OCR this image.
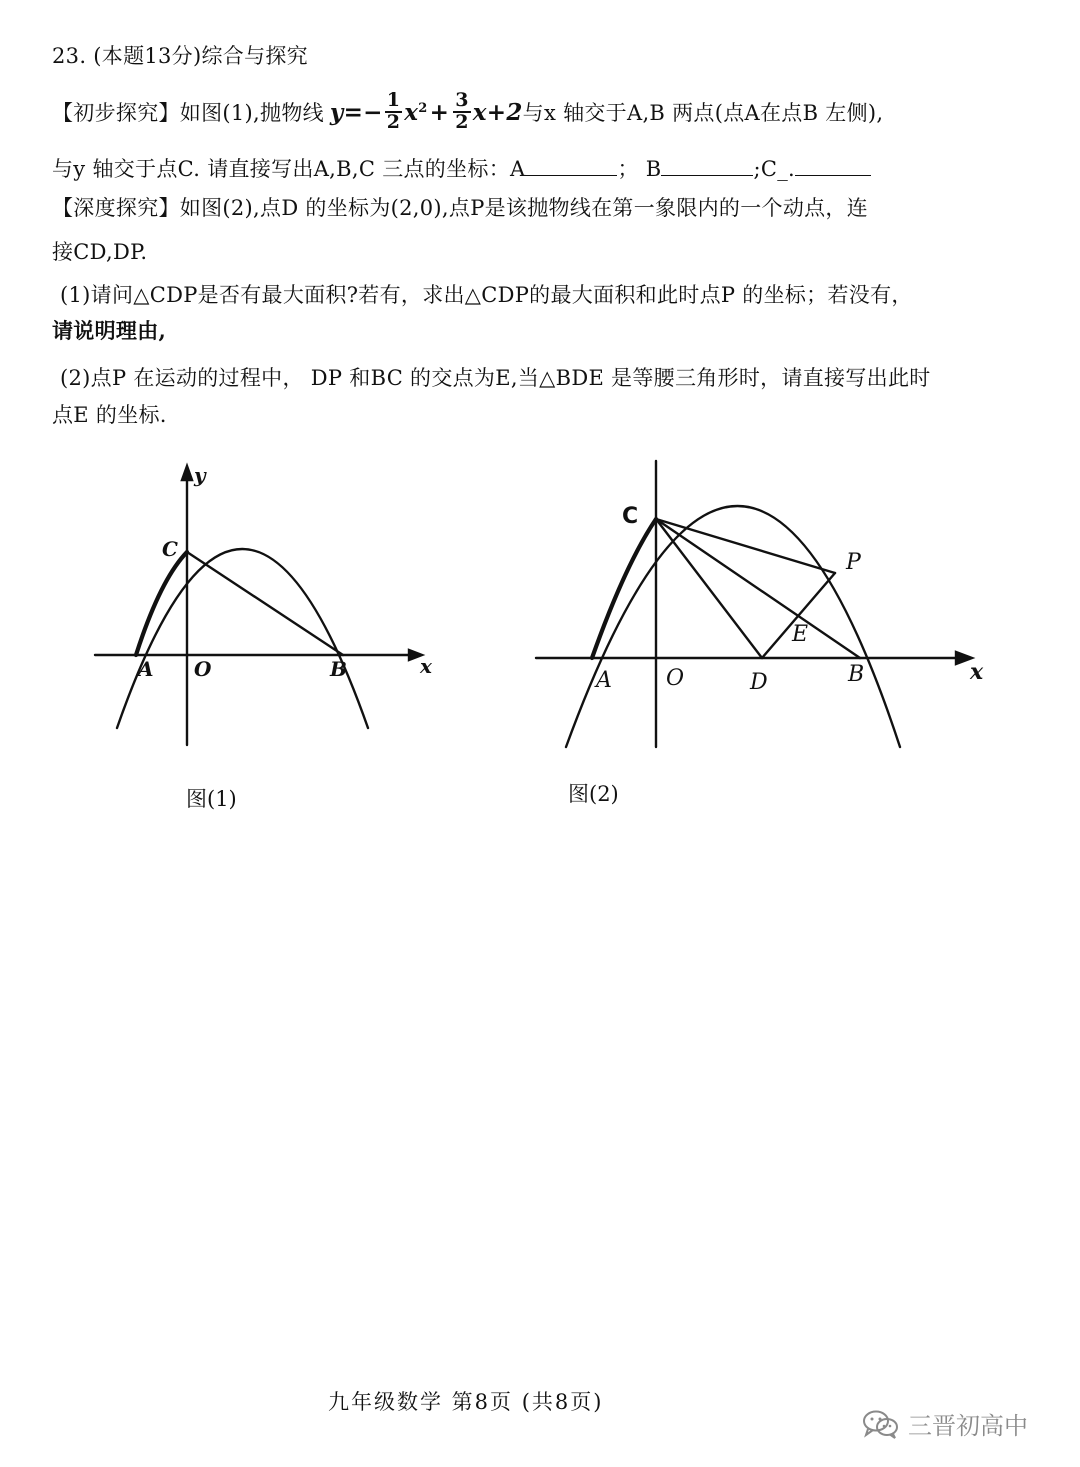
23. (本题13分)综合与探究
【初步探究】如图(1),抛物线 $y =- \frac{1}{2} x^2 + \frac{3}{2} x+2$ 与x 轴交于A,B 两点(点A在点B 左侧),
与y 轴交于点C. 请直接写出A,B,C 三点的坐标：A	； B	;C_.
【深度探究】如图(2),点D 的坐标为(2,0),点P是该抛物线在第一象限内的一个动点，连
接CD,DP.
(1)请问△CDP是否有最大面积?若有，求出△CDP的最大面积和此时点P 的坐标；若没有，
请说明理由,
(2)点P 在运动的过程中， DP 和BC 的交点为E,当△BDE 是等腰三角形时，请直接写出此时
点E 的坐标.
y
C
A O	B	x
图(1)
C
P
E
A O	D	B	x
图(2)
九年级数学 第8页 (共8页)
三晋初高中
